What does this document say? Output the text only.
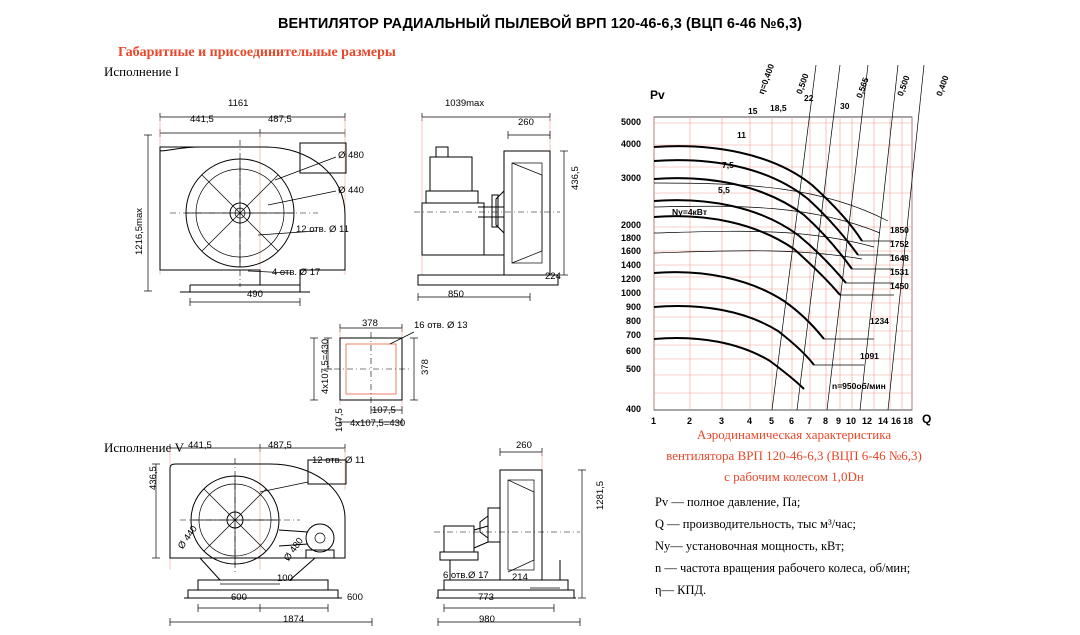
ВЕНТИЛЯТОР РАДИАЛЬНЫЙ ПЫЛЕВОЙ ВРП 120-46-6,3 (ВЦП 6-46 №6,3)
Габаритные и присоединительные размеры
Исполнение I
Исполнение V
1161
441,5	487,5
1216,5max
Ø 480
Ø 440
12 отв. Ø 11
4 отв. Ø 17
490
1039max
260
436,5
850
224
378	16 отв. Ø 13
378
107,5
4х107,5=430
107,5
4х107,5=430
441,5	487,5
436,5
12 отв. Ø 11
Ø 440	Ø 480
100
600	600
1874
260
1281,5
6 отв.Ø 17 214
773
980
Pv
Q
5000
4000
3000
2000
1800
1600
1400
1200
1000
900
800
700
600
500
400
1	2	3	4 5 6 7 8 9 10 12 14 16 18
Ny=4кВт
5,5
7,5
11
15 18,5
22
30
η=0,400 0,500	0,565	0,500	0,400
1850
1752
1648
1531
1450
1234
1091
n=950об/мин
Аэродинамическая характеристика
вентилятора ВРП 120-46-6,3 (ВЦП 6-46 №6,3)
с рабочим колесом 1,0Dн
Pv — полное давление, Па;
Q — производительность, тыс м³/час;
Ny— установочная мощность, кВт;
n — частота вращения рабочего колеса, об/мин;
η— КПД.
